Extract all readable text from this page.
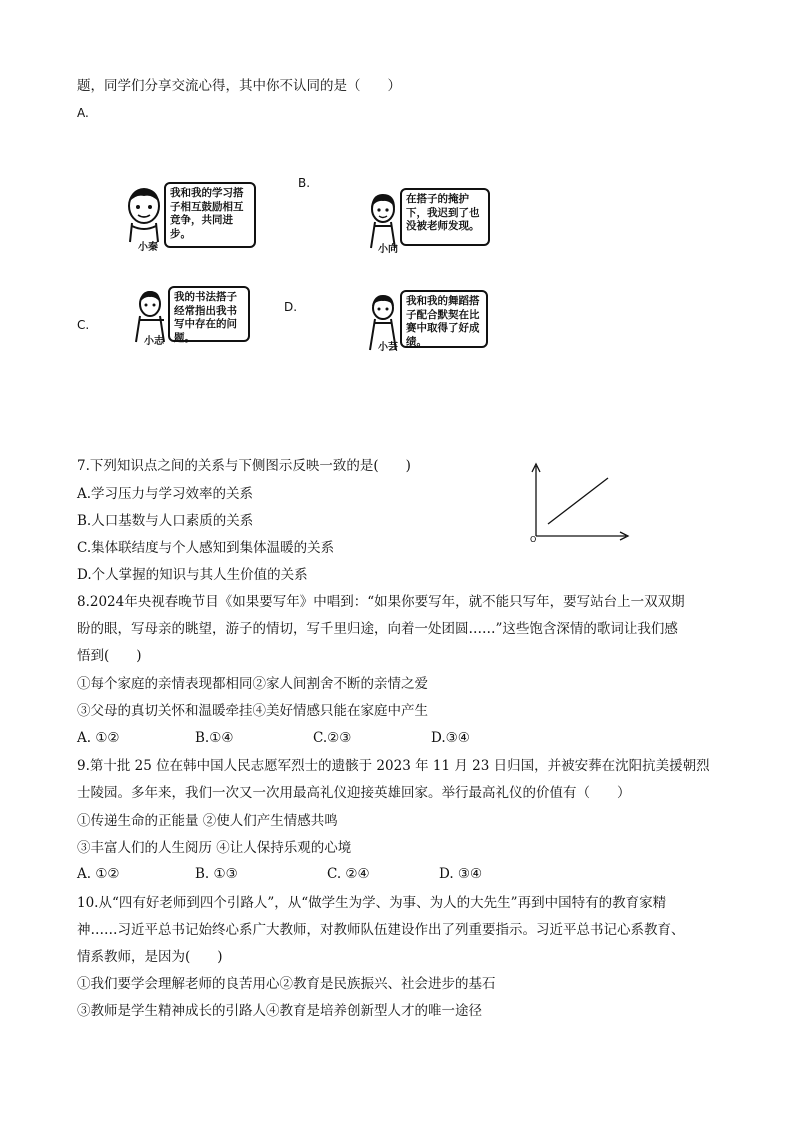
题，同学们分享交流心得，其中你不认同的是（　　）
A.
B.
C.
D.
我和我的学习搭子相互鼓励相互竞争，共同进步。
小秦
在搭子的掩护下，我迟到了也没被老师发现。
小向
我的书法搭子经常指出我书写中存在的问题。
小志
我和我的舞蹈搭子配合默契在比赛中取得了好成绩。
小芸
7.下列知识点之间的关系与下侧图示反映一致的是(　　)
A.学习压力与学习效率的关系
B.人口基数与人口素质的关系
C.集体联结度与个人感知到集体温暖的关系
D.个人掌握的知识与其人生价值的关系
O
8.2024年央视春晚节目《如果要写年》中唱到：“如果你要写年，就不能只写年，要写站台上一双双期
盼的眼，写母亲的眺望，游子的情切，写千里归途，向着一处团圆……”这些饱含深情的歌词让我们感
悟到(　　)
①每个家庭的亲情表现都相同②家人间割舍不断的亲情之爱
③父母的真切关怀和温暖牵挂④美好情感只能在家庭中产生
A. ①②	B.①④	C.②③	D.③④
9.第十批 25 位在韩中国人民志愿军烈士的遗骸于 2023 年 11 月 23 日归国，并被安葬在沈阳抗美援朝烈
士陵园。多年来，我们一次又一次用最高礼仪迎接英雄回家。举行最高礼仪的价值有（　　）
①传递生命的正能量 ②使人们产生情感共鸣
③丰富人们的人生阅历 ④让人保持乐观的心境
A. ①②	B. ①③	C. ②④	D. ③④
10.从“四有好老师到四个引路人”，从“做学生为学、为事、为人的大先生”再到中国特有的教育家精
神……习近平总书记始终心系广大教师，对教师队伍建设作出了列重要指示。习近平总书记心系教育、
情系教师，是因为(　　)
①我们要学会理解老师的良苦用心②教育是民族振兴、社会进步的基石
③教师是学生精神成长的引路人④教育是培养创新型人才的唯一途径
